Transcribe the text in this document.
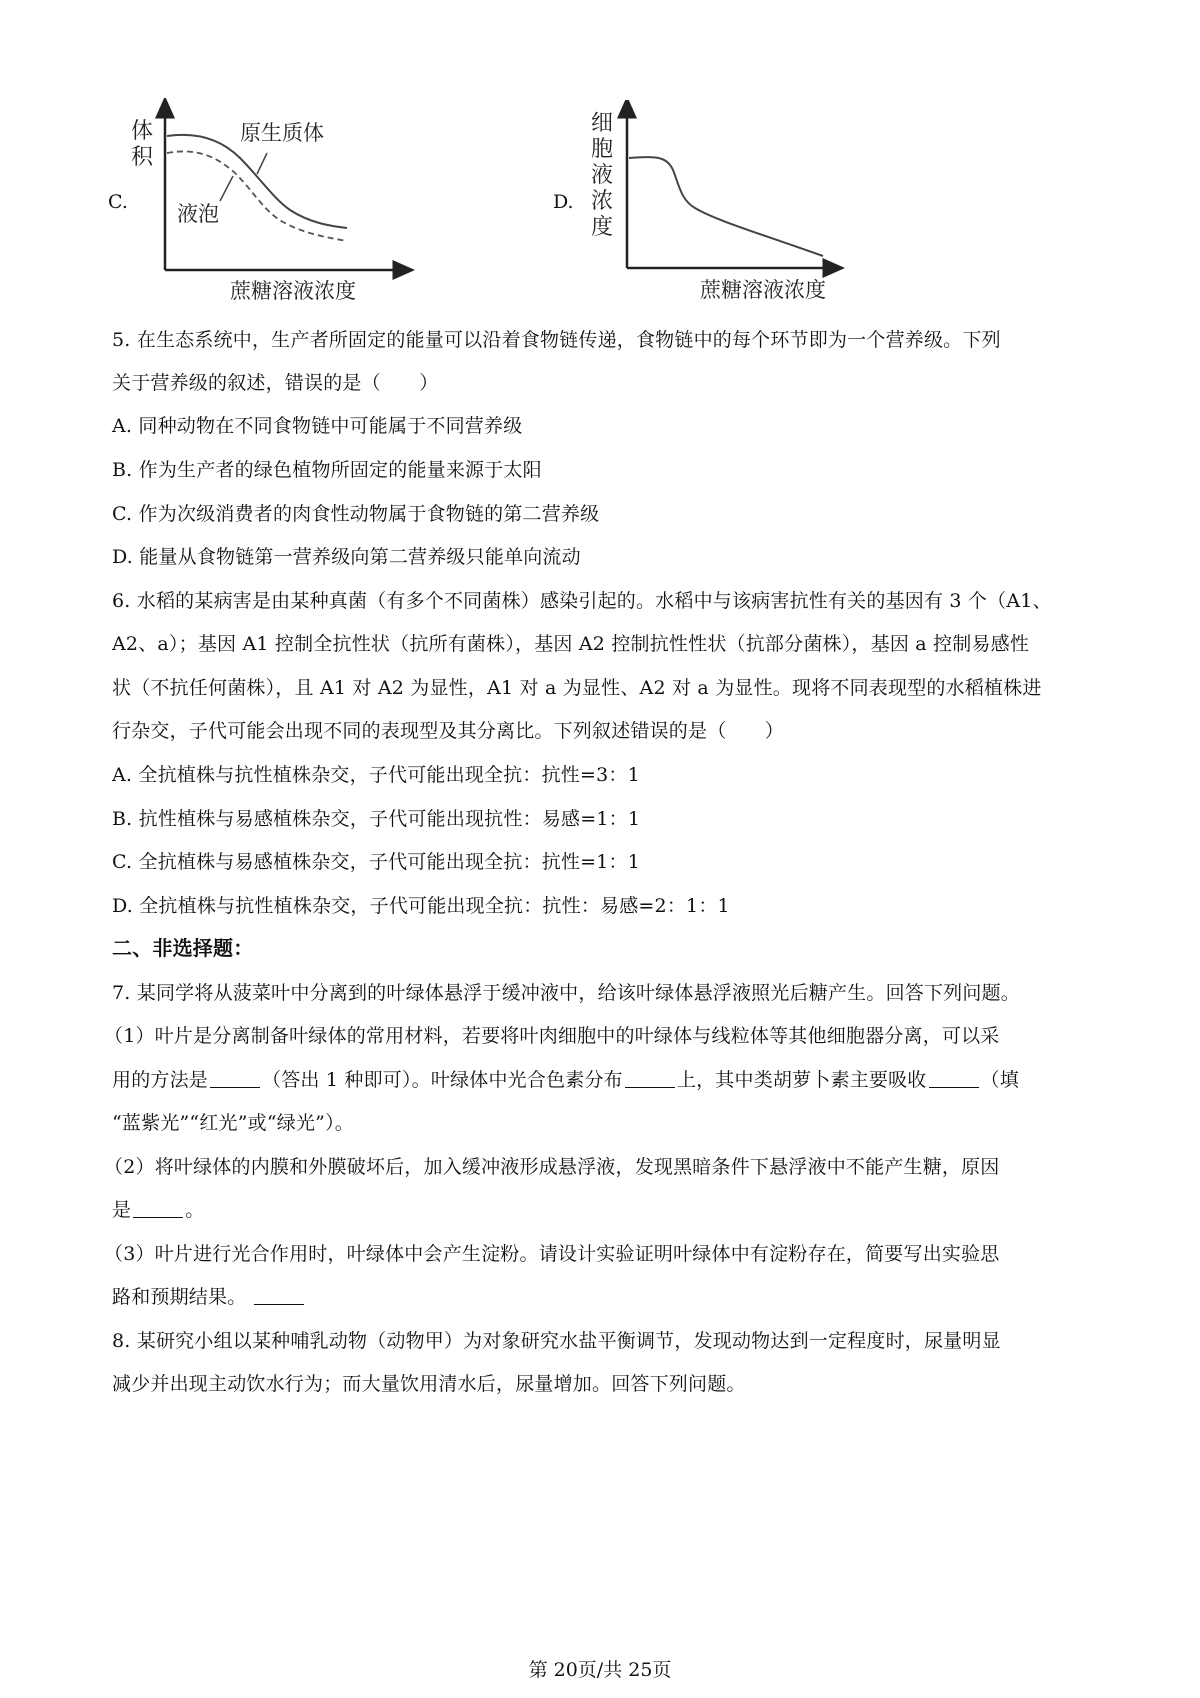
C.
体
积
原生质体
液泡
蔗糖溶液浓度
D.
细
胞
液
浓
度
蔗糖溶液浓度
5. 在生态系统中，生产者所固定的能量可以沿着食物链传递，食物链中的每个环节即为一个营养级。下列
关于营养级的叙述，错误的是（　　）
A. 同种动物在不同食物链中可能属于不同营养级
B. 作为生产者的绿色植物所固定的能量来源于太阳
C. 作为次级消费者的肉食性动物属于食物链的第二营养级
D. 能量从食物链第一营养级向第二营养级只能单向流动
6. 水稻的某病害是由某种真菌（有多个不同菌株）感染引起的。水稻中与该病害抗性有关的基因有 3 个（A1、
A2、a）；基因 A1 控制全抗性状（抗所有菌株），基因 A2 控制抗性性状（抗部分菌株），基因 a 控制易感性
状（不抗任何菌株），且 A1 对 A2 为显性，A1 对 a 为显性、A2 对 a 为显性。现将不同表现型的水稻植株进
行杂交，子代可能会出现不同的表现型及其分离比。下列叙述错误的是（　　）
A. 全抗植株与抗性植株杂交，子代可能出现全抗：抗性=3：1
B. 抗性植株与易感植株杂交，子代可能出现抗性：易感=1：1
C. 全抗植株与易感植株杂交，子代可能出现全抗：抗性=1：1
D. 全抗植株与抗性植株杂交，子代可能出现全抗：抗性：易感=2：1：1
二、非选择题：
7. 某同学将从菠菜叶中分离到的叶绿体悬浮于缓冲液中，给该叶绿体悬浮液照光后糖产生。回答下列问题。
（1）叶片是分离制备叶绿体的常用材料，若要将叶肉细胞中的叶绿体与线粒体等其他细胞器分离，可以采
用的方法是	（答出 1 种即可）。叶绿体中光合色素分布	上，其中类胡萝卜素主要吸收	（填
“蓝紫光”“红光”或“绿光”）。
（2）将叶绿体的内膜和外膜破坏后，加入缓冲液形成悬浮液，发现黑暗条件下悬浮液中不能产生糖，原因
是	。
（3）叶片进行光合作用时，叶绿体中会产生淀粉。请设计实验证明叶绿体中有淀粉存在，简要写出实验思
路和预期结果。
8. 某研究小组以某种哺乳动物（动物甲）为对象研究水盐平衡调节，发现动物达到一定程度时，尿量明显
减少并出现主动饮水行为；而大量饮用清水后，尿量增加。回答下列问题。
第 20页/共 25页
